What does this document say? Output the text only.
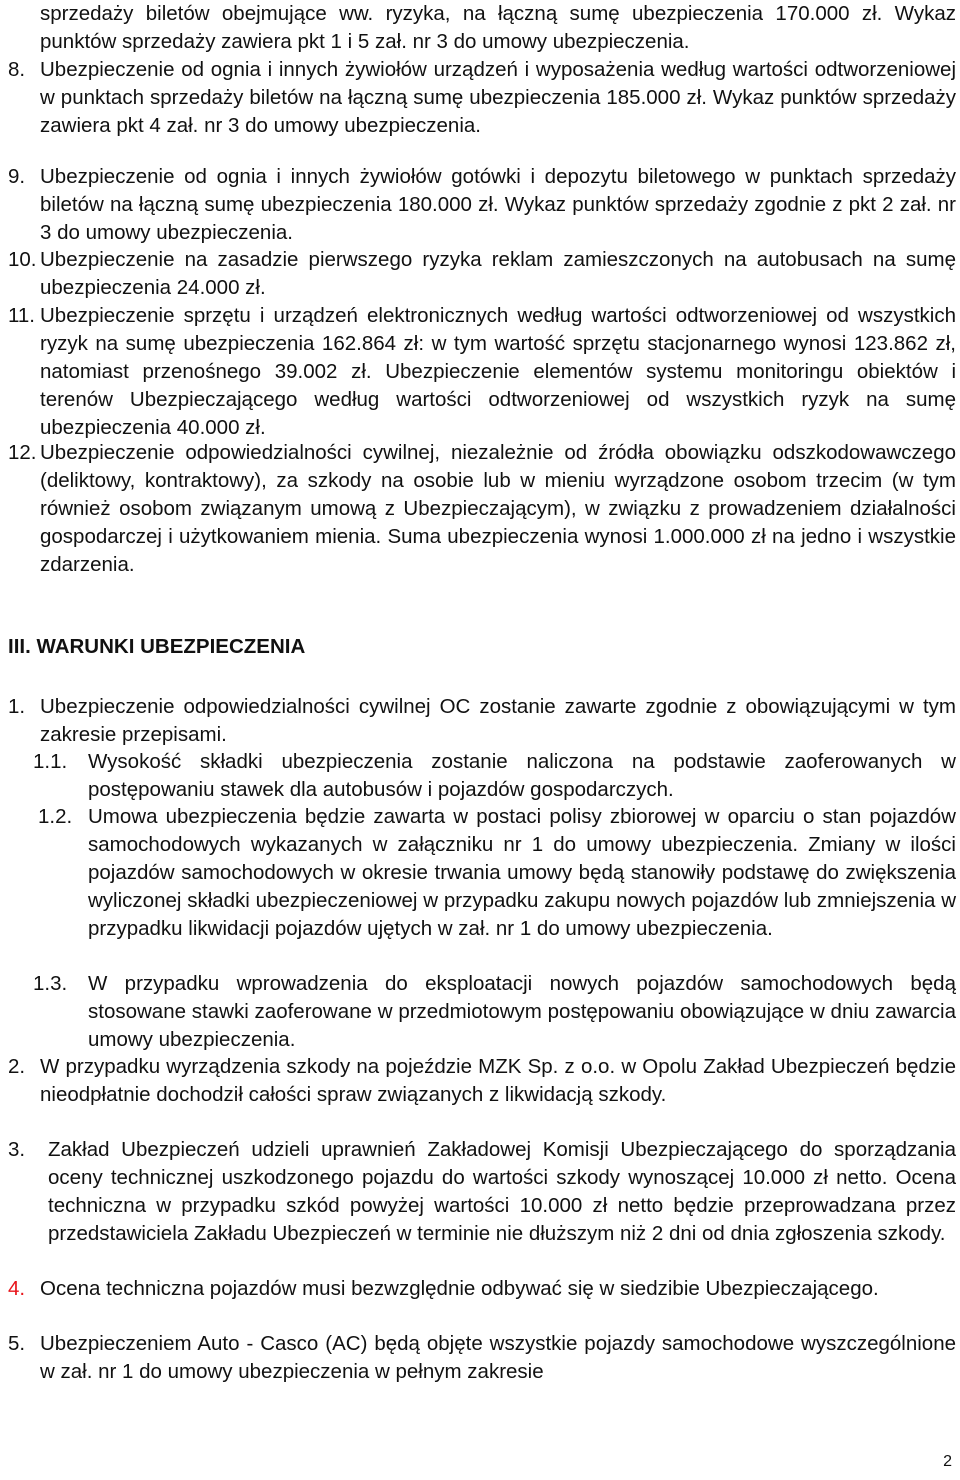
sprzedaży biletów obejmujące ww. ryzyka, na łączną sumę ubezpieczenia 170.000 zł. Wykaz punktów sprzedaży zawiera pkt 1 i 5 zał. nr 3 do umowy ubezpieczenia.
8. Ubezpieczenie od ognia i innych żywiołów urządzeń i wyposażenia według wartości odtworzeniowej w punktach sprzedaży biletów na łączną sumę ubezpieczenia 185.000 zł. Wykaz punktów sprzedaży zawiera pkt 4 zał. nr 3 do umowy ubezpieczenia.
9. Ubezpieczenie od ognia i innych żywiołów gotówki i depozytu biletowego w punktach sprzedaży biletów na łączną sumę ubezpieczenia 180.000 zł. Wykaz punktów sprzedaży zgodnie z pkt 2 zał. nr 3 do umowy ubezpieczenia.
10. Ubezpieczenie na zasadzie pierwszego ryzyka reklam zamieszczonych na autobusach na sumę ubezpieczenia 24.000 zł.
11. Ubezpieczenie sprzętu i urządzeń elektronicznych według wartości odtworzeniowej od wszystkich ryzyk na sumę ubezpieczenia 162.864 zł: w tym wartość sprzętu stacjonarnego wynosi 123.862 zł, natomiast przenośnego 39.002 zł. Ubezpieczenie elementów systemu monitoringu obiektów i terenów Ubezpieczającego według wartości odtworzeniowej od wszystkich ryzyk na sumę ubezpieczenia 40.000 zł.
12. Ubezpieczenie odpowiedzialności cywilnej, niezależnie od źródła obowiązku odszkodowawczego (deliktowy, kontraktowy), za szkody na osobie lub w mieniu wyrządzone osobom trzecim (w tym również osobom związanym umową z Ubezpieczającym), w związku z prowadzeniem działalności gospodarczej i użytkowaniem mienia. Suma ubezpieczenia wynosi 1.000.000 zł na jedno i wszystkie zdarzenia.
III. WARUNKI UBEZPIECZENIA
1. Ubezpieczenie odpowiedzialności cywilnej OC zostanie zawarte zgodnie z obowiązującymi w tym zakresie przepisami.
1.1. Wysokość składki ubezpieczenia zostanie naliczona na podstawie zaoferowanych w postępowaniu stawek dla autobusów i pojazdów gospodarczych.
1.2. Umowa ubezpieczenia będzie zawarta w postaci polisy zbiorowej w oparciu o stan pojazdów samochodowych wykazanych w załączniku nr 1 do umowy ubezpieczenia. Zmiany w ilości pojazdów samochodowych w okresie trwania umowy będą stanowiły podstawę do zwiększenia wyliczonej składki ubezpieczeniowej w przypadku zakupu nowych pojazdów lub zmniejszenia w przypadku likwidacji pojazdów ujętych w zał. nr 1 do umowy ubezpieczenia.
1.3. W przypadku wprowadzenia do eksploatacji nowych pojazdów samochodowych będą stosowane stawki zaoferowane w przedmiotowym postępowaniu obowiązujące w dniu zawarcia umowy ubezpieczenia.
2. W przypadku wyrządzenia szkody na pojeździe MZK Sp. z o.o. w Opolu Zakład Ubezpieczeń będzie nieodpłatnie dochodził całości spraw związanych z likwidacją szkody.
3. Zakład Ubezpieczeń udzieli uprawnień Zakładowej Komisji Ubezpieczającego do sporządzania oceny technicznej uszkodzonego pojazdu do wartości szkody wynoszącej 10.000 zł netto. Ocena techniczna w przypadku szkód powyżej wartości 10.000 zł netto będzie przeprowadzana przez przedstawiciela Zakładu Ubezpieczeń w terminie nie dłuższym niż 2 dni od dnia zgłoszenia szkody.
4. Ocena techniczna pojazdów musi bezwzględnie odbywać się w siedzibie Ubezpieczającego.
5. Ubezpieczeniem Auto - Casco (AC) będą objęte wszystkie pojazdy samochodowe wyszczególnione w zał. nr 1 do umowy ubezpieczenia w pełnym zakresie
2
